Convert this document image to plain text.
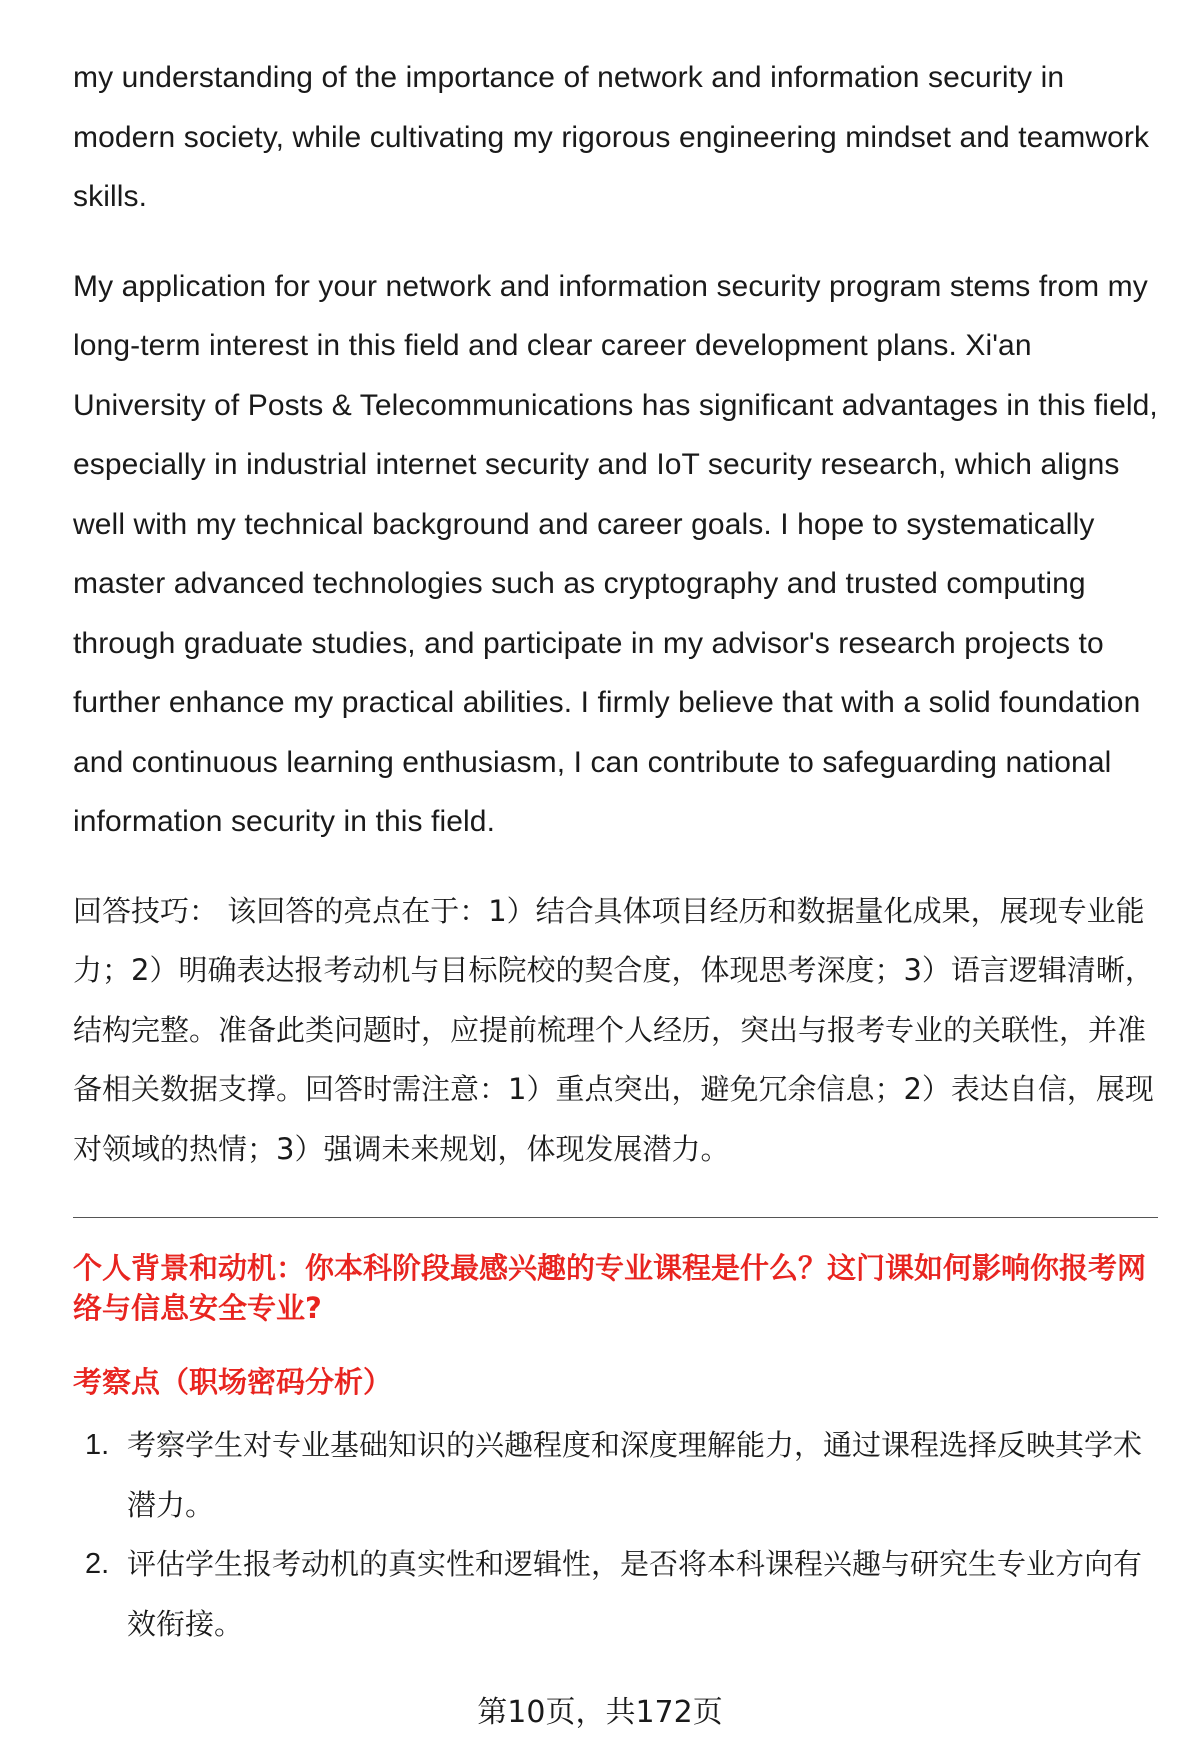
my understanding of the importance of network and information security in modern society, while cultivating my rigorous engineering mindset and teamwork skills.

My application for your network and information security program stems from my long-term interest in this field and clear career development plans. Xi'an University of Posts & Telecommunications has significant advantages in this field, especially in industrial internet security and IoT security research, which aligns well with my technical background and career goals. I hope to systematically master advanced technologies such as cryptography and trusted computing through graduate studies, and participate in my advisor's research projects to further enhance my practical abilities. I firmly believe that with a solid foundation and continuous learning enthusiasm, I can contribute to safeguarding national information security in this field.

回答技巧： 该回答的亮点在于：1）结合具体项目经历和数据量化成果，展现专业能力；2）明确表达报考动机与目标院校的契合度，体现思考深度；3）语言逻辑清晰，结构完整。准备此类问题时，应提前梳理个人经历，突出与报考专业的关联性，并准备相关数据支撑。回答时需注意：1）重点突出，避免冗余信息；2）表达自信，展现对领域的热情；3）强调未来规划，体现发展潜力。

个人背景和动机：你本科阶段最感兴趣的专业课程是什么？这门课如何影响你报考网络与信息安全专业?

考察点（职场密码分析）

1. 考察学生对专业基础知识的兴趣程度和深度理解能力，通过课程选择反映其学术潜力。
2. 评估学生报考动机的真实性和逻辑性，是否将本科课程兴趣与研究生专业方向有效衔接。
第10页，共172页
